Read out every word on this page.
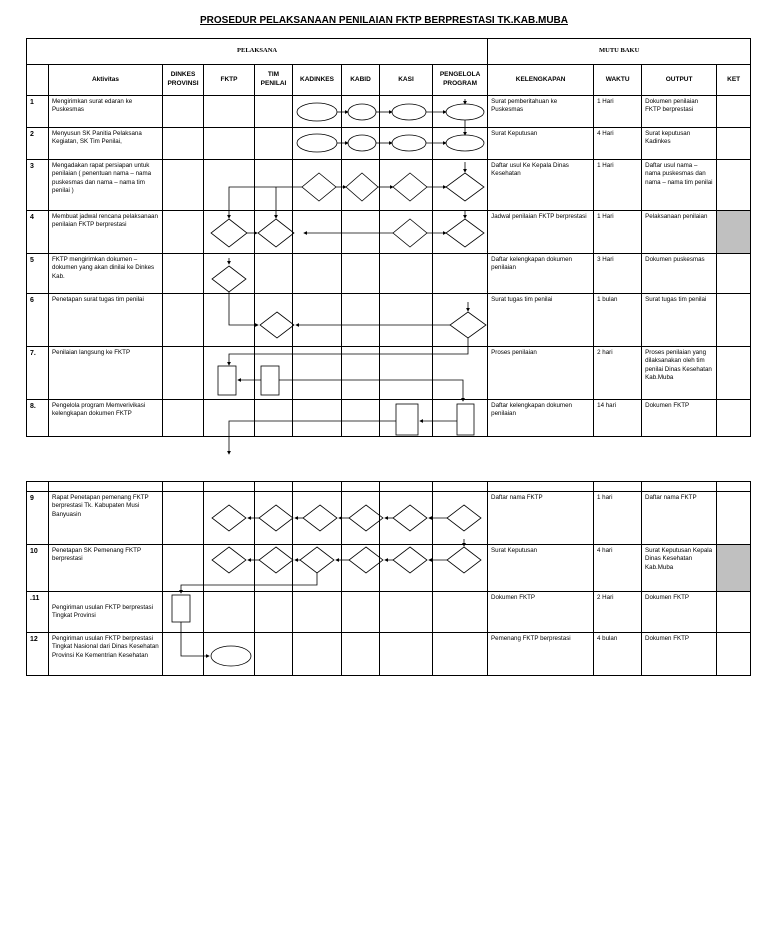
PROSEDUR PELAKSANAAN PENILAIAN FKTP BERPRESTASI TK.KAB.MUBA
PELAKSANA									MUTU BAKU			
	Aktivitas	DINKES PROVINSI	FKTP	TIM PENILAI	KADINKES	KABID	KASI	PENGELOLA PROGRAM	KELENGKAPAN	WAKTU	OUTPUT	KET
1	Mengirimkan surat edaran ke Puskesmas								Surat pemberitahuan ke Puskesmas	1 Hari	Dokumen penilaian FKTP berprestasi	
2	Menyusun SK Panitia Pelaksana Kegiatan, SK Tim Penilai,								Surat Keputusan	4 Hari	Surat keputusan Kadinkes	
3	Mengadakan rapat persiapan untuk penilaian ( penentuan nama – nama puskesmas dan nama – nama tim penilai )								Daftar usul Ke Kepala Dinas Kesehatan	1 Hari	Daftar usul nama – nama puskesmas dan nama – nama tim penilai	
4	Membuat jadwal rencana pelaksanaan penilaian FKTP berprestasi								Jadwal penilaian FKTP berprestasi	1 Hari	Pelaksanaan penilaian	
5	FKTP mengirimkan dokumen – dokumen yang akan dinilai ke Dinkes Kab.								Daftar kelengkapan dokumen penilaian	3 Hari	Dokumen puskesmas	
6	Penetapan surat tugas tim penilai								Surat tugas tim penilai	1 bulan	Surat tugas tim penilai	
7.	Penilaian langsung ke FKTP								Proses penilaian	2 hari	Proses penilaian yang dilaksanakan oleh tim penilai Dinas Kesehatan Kab.Muba	
8.	Pengelola program Memverivikasi kelengkapan dokumen FKTP								Daftar kelengkapan dokumen penilaian	14 hari	Dokumen FKTP	

9	Rapat Penetapan pemenang FKTP berprestasi Tk. Kabupaten Musi Banyuasin								Daftar nama FKTP	1 hari	Daftar nama FKTP	
10	Penetapan SK Pemenang FKTP berprestasi								Surat Keputusan	4 hari	Surat Keputusan Kepala Dinas Kesehatan Kab.Muba	
.11	Pengiriman usulan FKTP berprestasi Tingkat Provinsi								Dokumen FKTP	2 Hari	Dokumen FKTP	
12	Pengiriman usulan FKTP berprestasi Tingkat Nasional dari Dinas Kesehatan Provinsi Ke Kementrian Kesehatan								Pemenang FKTP berprestasi	4 bulan	Dokumen FKTP	
